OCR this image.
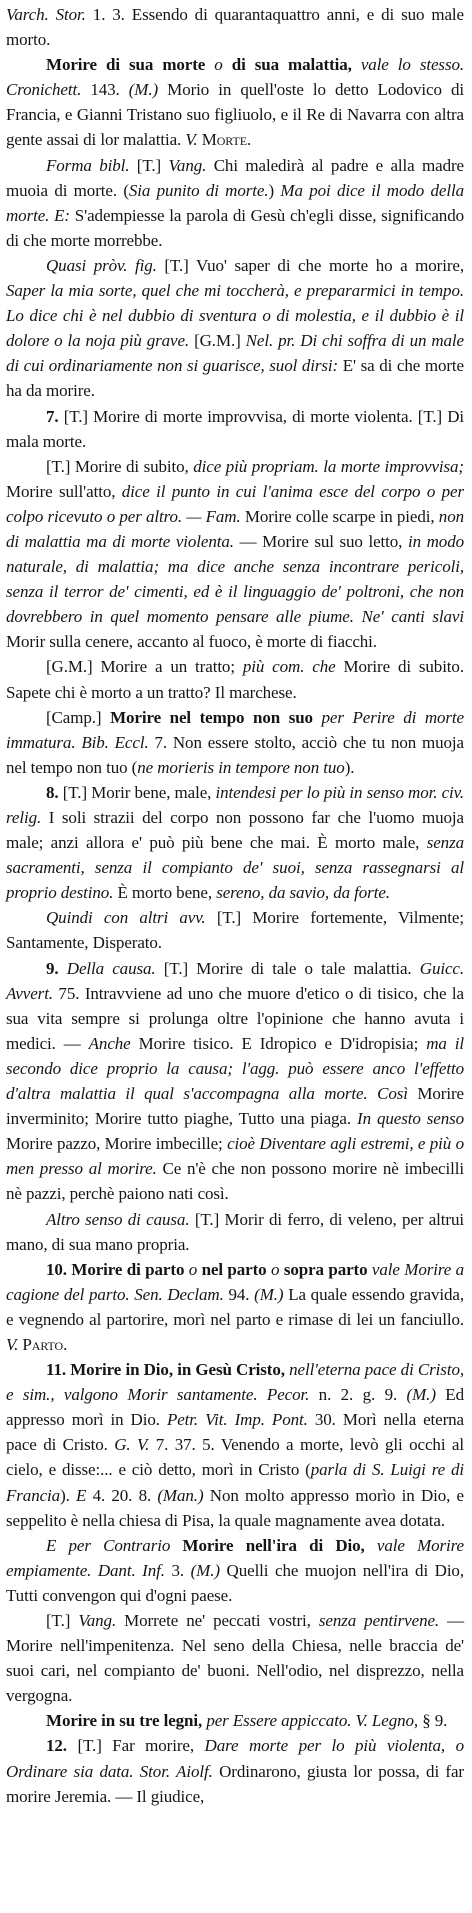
Varch. Stor. 1. 3. Essendo di quarantaquattro anni, e di suo male morto.

Morire di sua morte o di sua malattia, vale lo stesso. Cronichett. 143. (M.) Morio in quell'oste lo detto Lodovico di Francia, e Gianni Tristano suo figliuolo, e il Re di Navarra con altra gente assai di lor malattia. V. Morte.

Forma bibl. [T.] Vang. Chi maledirà al padre e alla madre muoia di morte. (Sia punito di morte.) Ma poi dice il modo della morte. E: S'adempiesse la parola di Gesù ch'egli disse, significando di che morte morrebbe.

Quasi pròv. fig. [T.] Vuo' saper di che morte ho a morire, Saper la mia sorte, quel che mi toccherà, e prepararmici in tempo. Lo dice chi è nel dubbio di sventura o di molestia, e il dubbio è il dolore o la noja più grave. [G.M.] Nel. pr. Di chi soffra di un male di cui ordinariamente non si guarisce, suol dirsi: E' sa di che morte ha da morire.

7. [T.] Morire di morte improvvisa, di morte violenta. [T.] Di mala morte.

[T.] Morire di subito, dice più propriam. la morte improvvisa; Morire sull'atto, dice il punto in cui l'anima esce del corpo o per colpo ricevuto o per altro. — Fam. Morire colle scarpe in piedi, non di malattia ma di morte violenta. — Morire sul suo letto, in modo naturale, di malattia; ma dice anche senza incontrare pericoli, senza il terror de' cimenti, ed è il linguaggio de' poltroni, che non dovrebbero in quel momento pensare alle piume. Ne' canti slavi Morir sulla cenere, accanto al fuoco, è morte di fiacchi.

[G.M.] Morire a un tratto; più com. che Morire di subito. Sapete chi è morto a un tratto? Il marchese.

[Camp.] Morire nel tempo non suo per Perire di morte immatura. Bib. Eccl. 7. Non essere stolto, acciò che tu non muoja nel tempo non tuo (ne morieris in tempore non tuo).

8. [T.] Morir bene, male, intendesi per lo più in senso mor. civ. relig. I soli strazii del corpo non possono far che l'uomo muoja male; anzi allora e' può più bene che mai. È morto male, senza sacramenti, senza il compianto de' suoi, senza rassegnarsi al proprio destino. È morto bene, sereno, da savio, da forte.

Quindi con altri avv. [T.] Morire fortemente, Vilmente; Santamente, Disperato.

9. Della causa. [T.] Morire di tale o tale malattia. Guicc. Avvert. 75. Intravviene ad uno che muore d'etico o di tisico, che la sua vita sempre si prolunga oltre l'opinione che hanno avuta i medici. — Anche Morire tisico. E Idropico e D'idropisia; ma il secondo dice proprio la causa; l'agg. può essere anco l'effetto d'altra malattia il qual s'accompagna alla morte. Così Morire inverminito; Morire tutto piaghe, Tutto una piaga. In questo senso Morire pazzo, Morire imbecille; cioè Diventare agli estremi, e più o men presso al morire. Ce n'è che non possono morire nè imbecilli nè pazzi, perchè paiono nati così.

Altro senso di causa. [T.] Morir di ferro, di veleno, per altrui mano, di sua mano propria.

10. Morire di parto o nel parto o sopra parto vale Morire a cagione del parto. Sen. Declam. 94. (M.) La quale essendo gravida, e vegnendo al partorire, morì nel parto e rimase di lei un fanciullo. V. Parto.

11. Morire in Dio, in Gesù Cristo, nell'eterna pace di Cristo, e sim., valgono Morir santamente. Pecor. n. 2. g. 9. (M.) Ed appresso morì in Dio. Petr. Vit. Imp. Pont. 30. Morì nella eterna pace di Cristo. G. V. 7. 37. 5. Venendo a morte, levò gli occhi al cielo, e disse:... e ciò detto, morì in Cristo (parla di S. Luigi re di Francia). E 4. 20. 8. (Man.) Non molto appresso morìo in Dio, e seppelito è nella chiesa di Pisa, la quale magnamente avea dotata.

E per Contrario Morire nell'ira di Dio, vale Morire empiamente. Dant. Inf. 3. (M.) Quelli che muojon nell'ira di Dio, Tutti convengon qui d'ogni paese.

[T.] Vang. Morrete ne' peccati vostri, senza pentirvene. — Morire nell'impenitenza. Nel seno della Chiesa, nelle braccia de' suoi cari, nel compianto de' buoni. Nell'odio, nel disprezzo, nella vergogna.

Morire in su tre legni, per Essere appiccato. V. Legno, § 9.

12. [T.] Far morire, Dare morte per lo più violenta, o Ordinare sia data. Stor. Aiolf. Ordinarono, giusta lor possa, di far morire Jeremia. — Il giudice,
